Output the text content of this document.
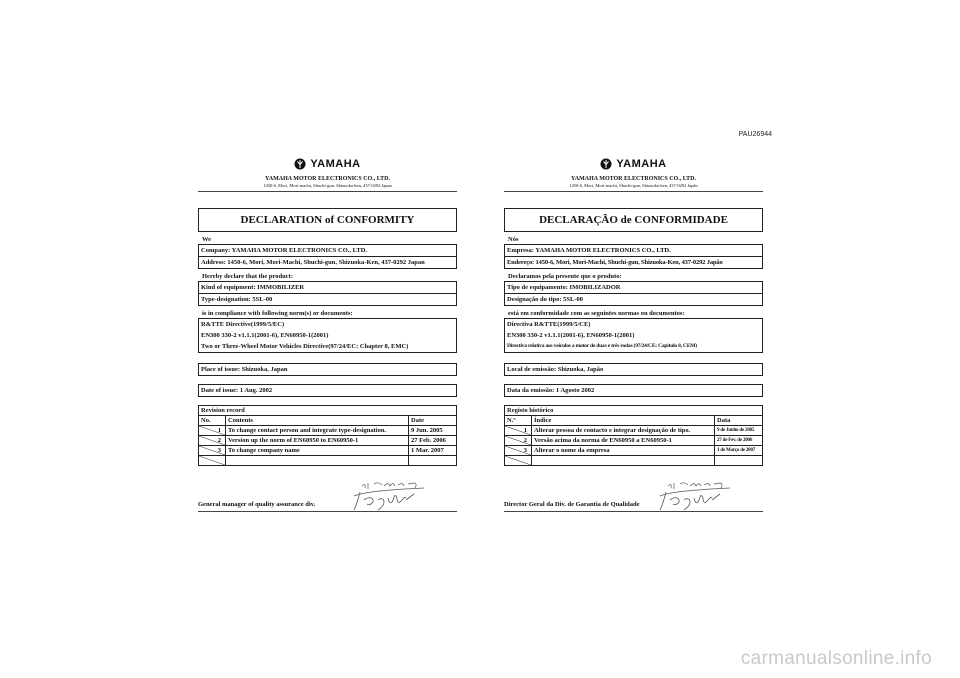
PAU26944
YAMAHA
YAMAHA MOTOR ELECTRONICS CO., LTD.
1450-6, Mori, Mori-machi, Shuchi-gun, Shizuoka-ken, 437-0292 Japan
DECLARATION of CONFORMITY
We
Company: YAMAHA MOTOR ELECTRONICS CO., LTD.
Address: 1450-6, Mori, Mori-Machi, Shuchi-gun, Shizuoka-Ken, 437-0292 Japan
Hereby declare that the product:
Kind of equipment: IMMOBILIZER
Type-designation: 5SL-00
is in compliance with following norm(s) or documents:
R&TTE Directive(1999/5/EC)
EN300 330-2 v1.1.1(2001-6), EN60950-1(2001)
Two or Three-Wheel Motor Vehicles Directive(97/24/EC: Chapter 8, EMC)
Place of issue: Shizuoka, Japan
Date of issue: 1 Aug. 2002
Revision record		
No.	Contents	Date

1	To change contact person and integrate type-designation.	9 Jun. 2005

2	Version up the norm of EN60950 to EN60950-1	27 Feb. 2006

3	To change company name	1 Mar. 2007

General manager of quality assurance div.
YAMAHA
YAMAHA MOTOR ELECTRONICS CO., LTD.
1450-6, Mori, Mori-machi, Shuchi-gun, Shizuoka-ken, 437-0292 Japão
DECLARAÇÃO de CONFORMIDADE
Nós
Empresa: YAMAHA MOTOR ELECTRONICS CO., LTD.
Endereço: 1450-6, Mori, Mori-Machi, Shuchi-gun, Shizuoka-Ken, 437-0292 Japão
Declaramos pela presente que o produto:
Tipo de equipamento: IMOBILIZADOR
Designação do tipo: 5SL-00
está em conformidade com as seguintes normas ou documentos:
Directiva R&TTE(1999/5/CE)
EN300 330-2 v1.1.1(2001-6), EN60950-1(2001)
Directiva relativa aos veículos a motor de duas e três rodas (97/24/CE: Capítulo 8, CEM)
Local de emissão: Shizuoka, Japão
Data da emissão: 1 Agosto 2002
Registo histórico		
N.º	Índice	Data

1	Alterar pessoa de contacto e integrar designação de tipo.	9 de Junho de 2005

2	Versão acima da norma de EN60950 a EN60950-1	27 de Fev. de 2006

3	Alterar o nome da empresa	1 de Março de 2007

Director Geral da Div. de Garantia de Qualidade
carmanualsonline.info
